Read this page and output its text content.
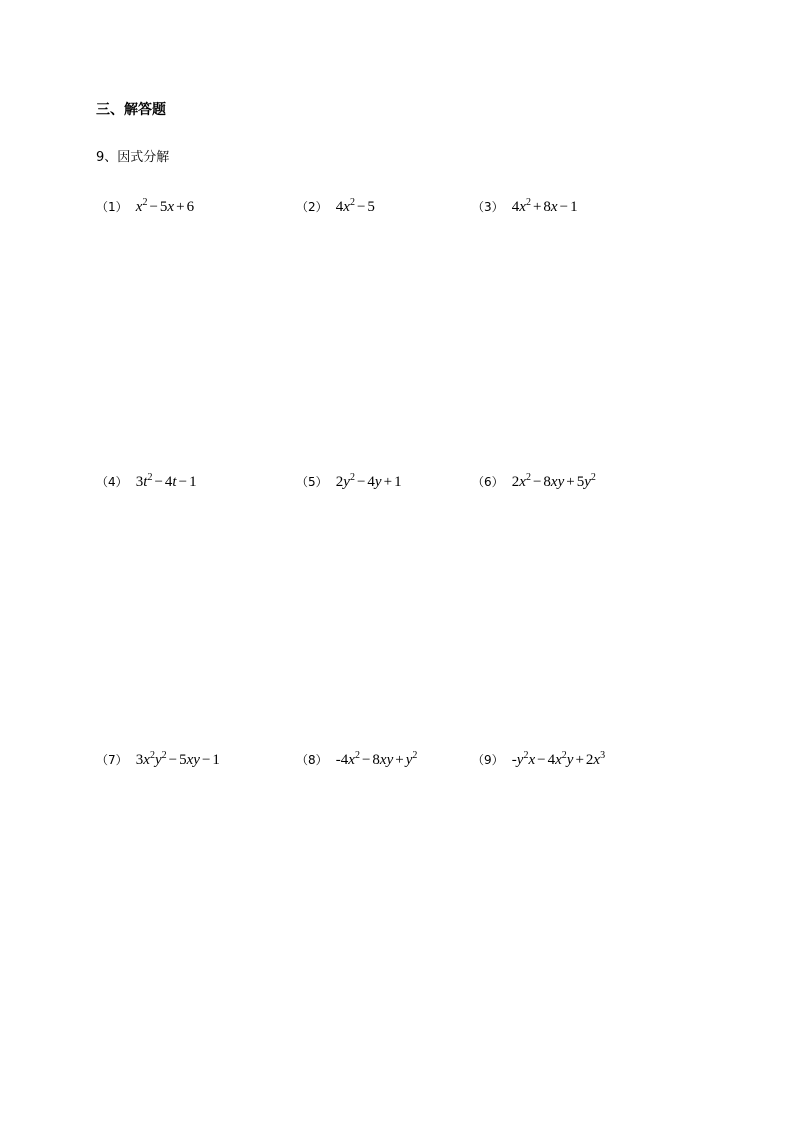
三、解答题
9、因式分解
（1） $x^2 - 5x + 6$	（2） $4x^2 - 5$	（3） $4x^2 + 8x - 1$
（4） $3t^2 - 4t - 1$	（5） $2y^2 - 4y + 1$	（6） $2x^2 - 8xy + 5y^2$
（7） $3x^2y^2 - 5xy - 1$	（8） $-4x^2 - 8xy + y^2$	（9） $-y^2x - 4x^2y + 2x^3$
